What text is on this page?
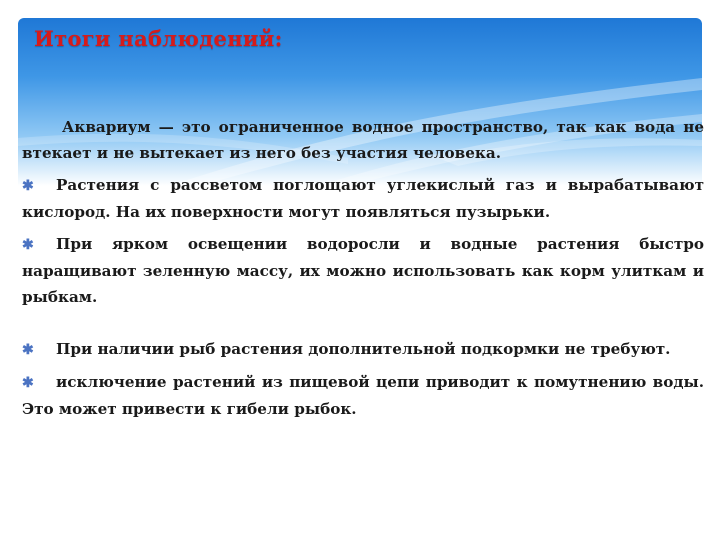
Итоги наблюдений:

Аквариум — это ограниченное водное пространство, так как вода не втекает и не вытекает из него без участия человека.

✱ Растения с рассветом поглощают углекислый газ и вырабатывают кислород. На их поверхности могут появляться пузырьки.

✱ При ярком освещении водоросли и водные растения быстро наращивают зеленную массу, их можно использовать как корм улиткам и рыбкам.

✱ При наличии рыб растения дополнительной подкормки не требуют.

✱ исключение растений из пищевой цепи приводит к помутнению воды. Это может привести к гибели рыбок.
